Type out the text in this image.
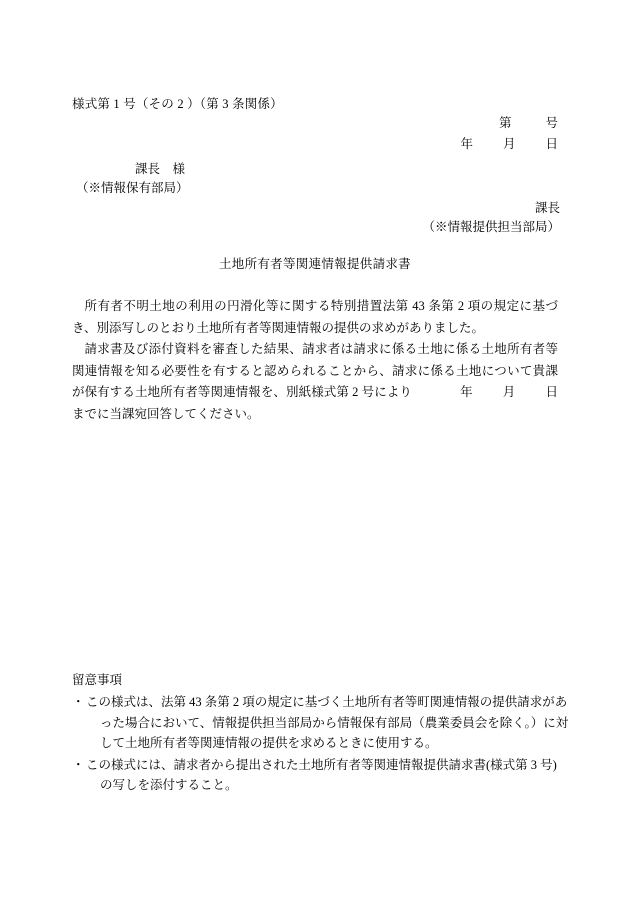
様式第 1 号（その 2 ）（第 3 条関係）
第	号
年 月 日
課長　様
（※情報保有部局）
課長
（※情報提供担当部局）
土地所有者等関連情報提供請求書

所有者不明土地の利用の円滑化等に関する特別措置法第 43 条第 2 項の規定に基づき、別添写しのとおり土地所有者等関連情報の提供の求めがありました。

請求書及び添付資料を審査した結果、請求者は請求に係る土地に係る土地所有者等関連情報を知る必要性を有すると認められることから、請求に係る土地について貴課が保有する土地所有者等関連情報を、別紙様式第 2 号により	年 月 日までに当課宛回答してください。

留意事項

・ この様式は、法第 43 条第 2 項の規定に基づく土地所有者等町関連情報の提供請求があ
った場合において、情報提供担当部局から情報保有部局（農業委員会を除く。）に対
して土地所有者等関連情報の提供を求めるときに使用する。
・ この様式には、請求者から提出された土地所有者等関連情報提供請求書(様式第 3 号)
の写しを添付すること。
